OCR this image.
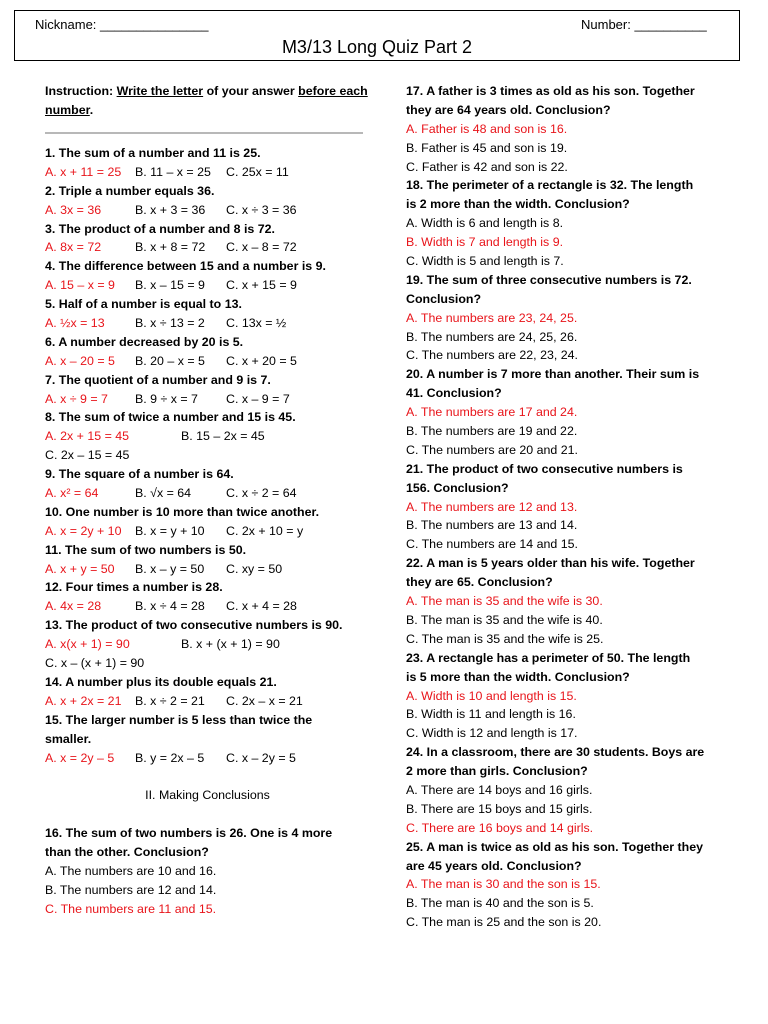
Nickname: _______________	Number: __________
M3/13 Long Quiz Part 2
Instruction: Write the letter of your answer before each number.
1. The sum of a number and 11 is 25.
A. x + 11 = 25 B. 11 – x = 25 C. 25x = 11
2. Triple a number equals 36.
A. 3x = 36	B. x + 3 = 36 C. x ÷ 3 = 36
3. The product of a number and 8 is 72.
A. 8x = 72	B. x + 8 = 72 C. x – 8 = 72
4. The difference between 15 and a number is 9.
A. 15 – x = 9 B. x – 15 = 9 C. x + 15 = 9
5. Half of a number is equal to 13.
A. ½x = 13 B. x ÷ 13 = 2 C. 13x = ½
6. A number decreased by 20 is 5.
A. x – 20 = 5 B. 20 – x = 5 C. x + 20 = 5
7. The quotient of a number and 9 is 7.
A. x ÷ 9 = 7 B. 9 ÷ x = 7 C. x – 9 = 7
8. The sum of twice a number and 15 is 45.
A. 2x + 15 = 45	B. 15 – 2x = 45
C. 2x – 15 = 45
9. The square of a number is 64.
A. x² = 64	B. √x = 64	C. x ÷ 2 = 64
10. One number is 10 more than twice another.
A. x = 2y + 10 B. x = y + 10 C. 2x + 10 = y
11. The sum of two numbers is 50.
A. x + y = 50 B. x – y = 50 C. xy = 50
12. Four times a number is 28.
A. 4x = 28	B. x ÷ 4 = 28 C. x + 4 = 28
13. The product of two consecutive numbers is 90.
A. x(x + 1) = 90	B. x + (x + 1) = 90
C. x – (x + 1) = 90
14. A number plus its double equals 21.
A. x + 2x = 21 B. x ÷ 2 = 21 C. 2x – x = 21
15. The larger number is 5 less than twice the
smaller.
A. x = 2y – 5 B. y = 2x – 5 C. x – 2y = 5
II. Making Conclusions
16. The sum of two numbers is 26. One is 4 more
than the other. Conclusion?
A. The numbers are 10 and 16.
B. The numbers are 12 and 14.
C. The numbers are 11 and 15.
17. A father is 3 times as old as his son. Together
they are 64 years old. Conclusion?
A. Father is 48 and son is 16.
B. Father is 45 and son is 19.
C. Father is 42 and son is 22.
18. The perimeter of a rectangle is 32. The length
is 2 more than the width. Conclusion?
A. Width is 6 and length is 8.
B. Width is 7 and length is 9.
C. Width is 5 and length is 7.
19. The sum of three consecutive numbers is 72.
Conclusion?
A. The numbers are 23, 24, 25.
B. The numbers are 24, 25, 26.
C. The numbers are 22, 23, 24.
20. A number is 7 more than another. Their sum is
41. Conclusion?
A. The numbers are 17 and 24.
B. The numbers are 19 and 22.
C. The numbers are 20 and 21.
21. The product of two consecutive numbers is
156. Conclusion?
A. The numbers are 12 and 13.
B. The numbers are 13 and 14.
C. The numbers are 14 and 15.
22. A man is 5 years older than his wife. Together
they are 65. Conclusion?
A. The man is 35 and the wife is 30.
B. The man is 35 and the wife is 40.
C. The man is 35 and the wife is 25.
23. A rectangle has a perimeter of 50. The length
is 5 more than the width. Conclusion?
A. Width is 10 and length is 15.
B. Width is 11 and length is 16.
C. Width is 12 and length is 17.
24. In a classroom, there are 30 students. Boys are
2 more than girls. Conclusion?
A. There are 14 boys and 16 girls.
B. There are 15 boys and 15 girls.
C. There are 16 boys and 14 girls.
25. A man is twice as old as his son. Together they
are 45 years old. Conclusion?
A. The man is 30 and the son is 15.
B. The man is 40 and the son is 5.
C. The man is 25 and the son is 20.
